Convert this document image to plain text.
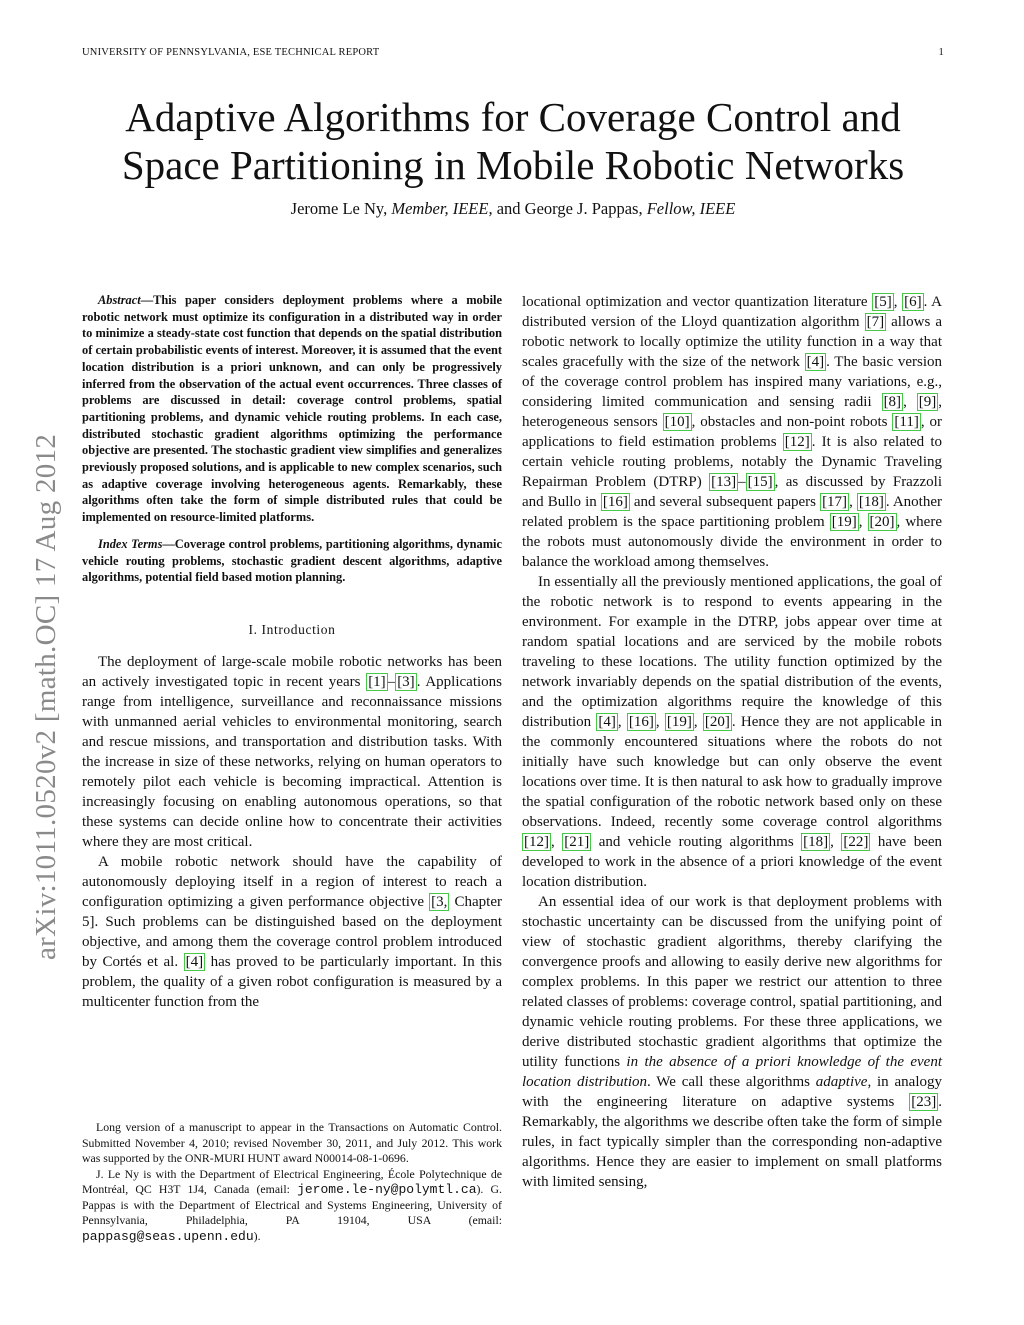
UNIVERSITY OF PENNSYLVANIA, ESE TECHNICAL REPORT	1
arXiv:1011.0520v2 [math.OC] 17 Aug 2012
Adaptive Algorithms for Coverage Control and
Space Partitioning in Mobile Robotic Networks
Jerome Le Ny, Member, IEEE, and George J. Pappas, Fellow, IEEE

Abstract—This paper considers deployment problems where a mobile robotic network must optimize its configuration in a distributed way in order to minimize a steady-state cost function that depends on the spatial distribution of certain probabilistic events of interest. Moreover, it is assumed that the event location distribution is a priori unknown, and can only be progressively inferred from the observation of the actual event occurrences. Three classes of problems are discussed in detail: coverage control problems, spatial partitioning problems, and dynamic vehicle routing problems. In each case, distributed stochastic gradient algorithms optimizing the performance objective are presented. The stochastic gradient view simplifies and generalizes previously proposed solutions, and is applicable to new complex scenarios, such as adaptive coverage involving heterogeneous agents. Remarkably, these algorithms often take the form of simple distributed rules that could be implemented on resource-limited platforms.

Index Terms—Coverage control problems, partitioning algorithms, dynamic vehicle routing problems, stochastic gradient descent algorithms, adaptive algorithms, potential field based motion planning.

I. Introduction

The deployment of large-scale mobile robotic networks has been an actively investigated topic in recent years [1] – [3] . Applications range from intelligence, surveillance and reconnaissance missions with unmanned aerial vehicles to environmental monitoring, search and rescue missions, and transportation and distribution tasks. With the increase in size of these networks, relying on human operators to remotely pilot each vehicle is becoming impractical. Attention is increasingly focusing on enabling autonomous operations, so that these systems can decide online how to concentrate their activities where they are most critical.

A mobile robotic network should have the capability of autonomously deploying itself in a region of interest to reach a configuration optimizing a given performance objective [3, Chapter 5]. Such problems can be distinguished based on the deployment objective, and among them the coverage control problem introduced by Cortés et al. [4] has proved to be particularly important. In this problem, the quality of a given robot configuration is measured by a multicenter function from the

Long version of a manuscript to appear in the Transactions on Automatic Control. Submitted November 4, 2010; revised November 30, 2011, and July 2012. This work was supported by the ONR-MURI HUNT award N00014-08-1-0696.

J. Le Ny is with the Department of Electrical Engineering, École Polytechnique de Montréal, QC H3T 1J4, Canada (email: jerome.le-ny@polymtl.ca). G. Pappas is with the Department of Electrical and Systems Engineering, University of Pennsylvania, Philadelphia, PA 19104, USA (email: pappasg@seas.upenn.edu).

locational optimization and vector quantization literature [5] , [6] . A distributed version of the Lloyd quantization algorithm [7] allows a robotic network to locally optimize the utility function in a way that scales gracefully with the size of the network [4] . The basic version of the coverage control problem has inspired many variations, e.g., considering limited communication and sensing radii [8] , [9] , heterogeneous sensors [10] , obstacles and non-point robots [11] , or applications to field estimation problems [12] . It is also related to certain vehicle routing problems, notably the Dynamic Traveling Repairman Problem (DTRP) [13] – [15] , as discussed by Frazzoli and Bullo in [16] and several subsequent papers [17] , [18] . Another related problem is the space partitioning problem [19] , [20] , where the robots must autonomously divide the environment in order to balance the workload among themselves.

In essentially all the previously mentioned applications, the goal of the robotic network is to respond to events appearing in the environment. For example in the DTRP, jobs appear over time at random spatial locations and are serviced by the mobile robots traveling to these locations. The utility function optimized by the network invariably depends on the spatial distribution of the events, and the optimization algorithms require the knowledge of this distribution [4] , [16] , [19] , [20] . Hence they are not applicable in the commonly encountered situations where the robots do not initially have such knowledge but can only observe the event locations over time. It is then natural to ask how to gradually improve the spatial configuration of the robotic network based only on these observations. Indeed, recently some coverage control algorithms [12] , [21] and vehicle routing algorithms [18] , [22] have been developed to work in the absence of a priori knowledge of the event location distribution.

An essential idea of our work is that deployment problems with stochastic uncertainty can be discussed from the unifying point of view of stochastic gradient algorithms, thereby clarifying the convergence proofs and allowing to easily derive new algorithms for complex problems. In this paper we restrict our attention to three related classes of problems: coverage control, spatial partitioning, and dynamic vehicle routing problems. For these three applications, we derive distributed stochastic gradient algorithms that optimize the utility functions in the absence of a priori knowledge of the event location distribution. We call these algorithms adaptive, in analogy with the engineering literature on adaptive systems [23] . Remarkably, the algorithms we describe often take the form of simple rules, in fact typically simpler than the corresponding non-adaptive algorithms. Hence they are easier to implement on small platforms with limited sensing,
